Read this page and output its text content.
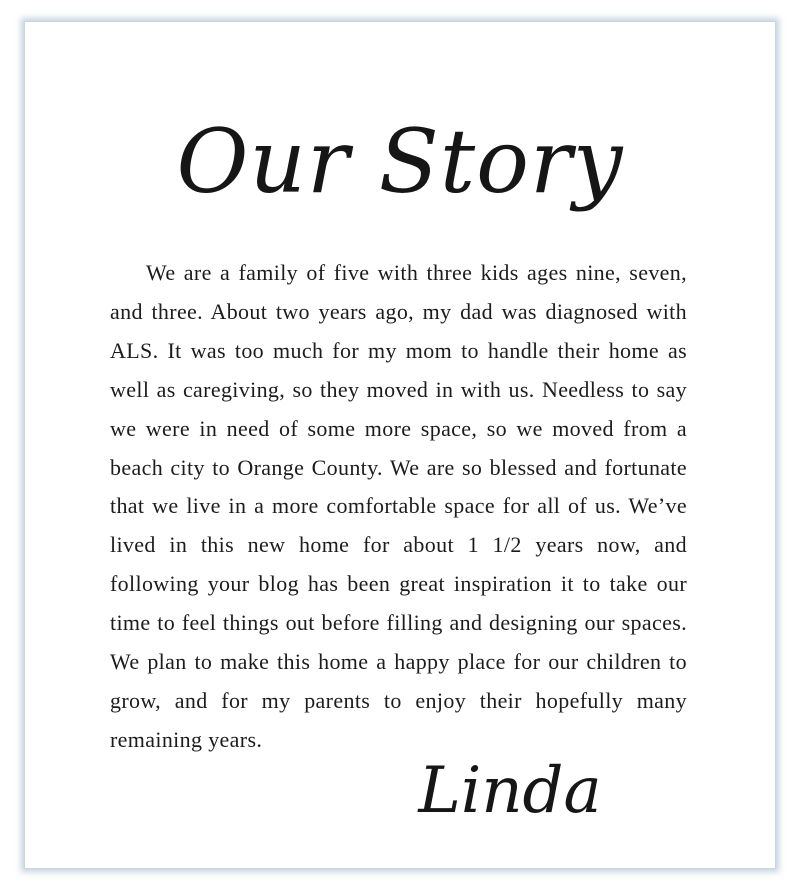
Our Story

We are a family of five with three kids ages nine, seven, and three. About two years ago, my dad was diagnosed with ALS. It was too much for my mom to handle their home as well as caregiving, so they moved in with us. Needless to say we were in need of some more space, so we moved from a beach city to Orange County. We are so blessed and fortunate that we live in a more comfortable space for all of us. We’ve lived in this new home for about 1 1/2 years now, and following your blog has been great inspiration it to take our time to feel things out before filling and designing our spaces. We plan to make this home a happy place for our children to grow, and for my parents to enjoy their hopefully many remaining years.

Linda
